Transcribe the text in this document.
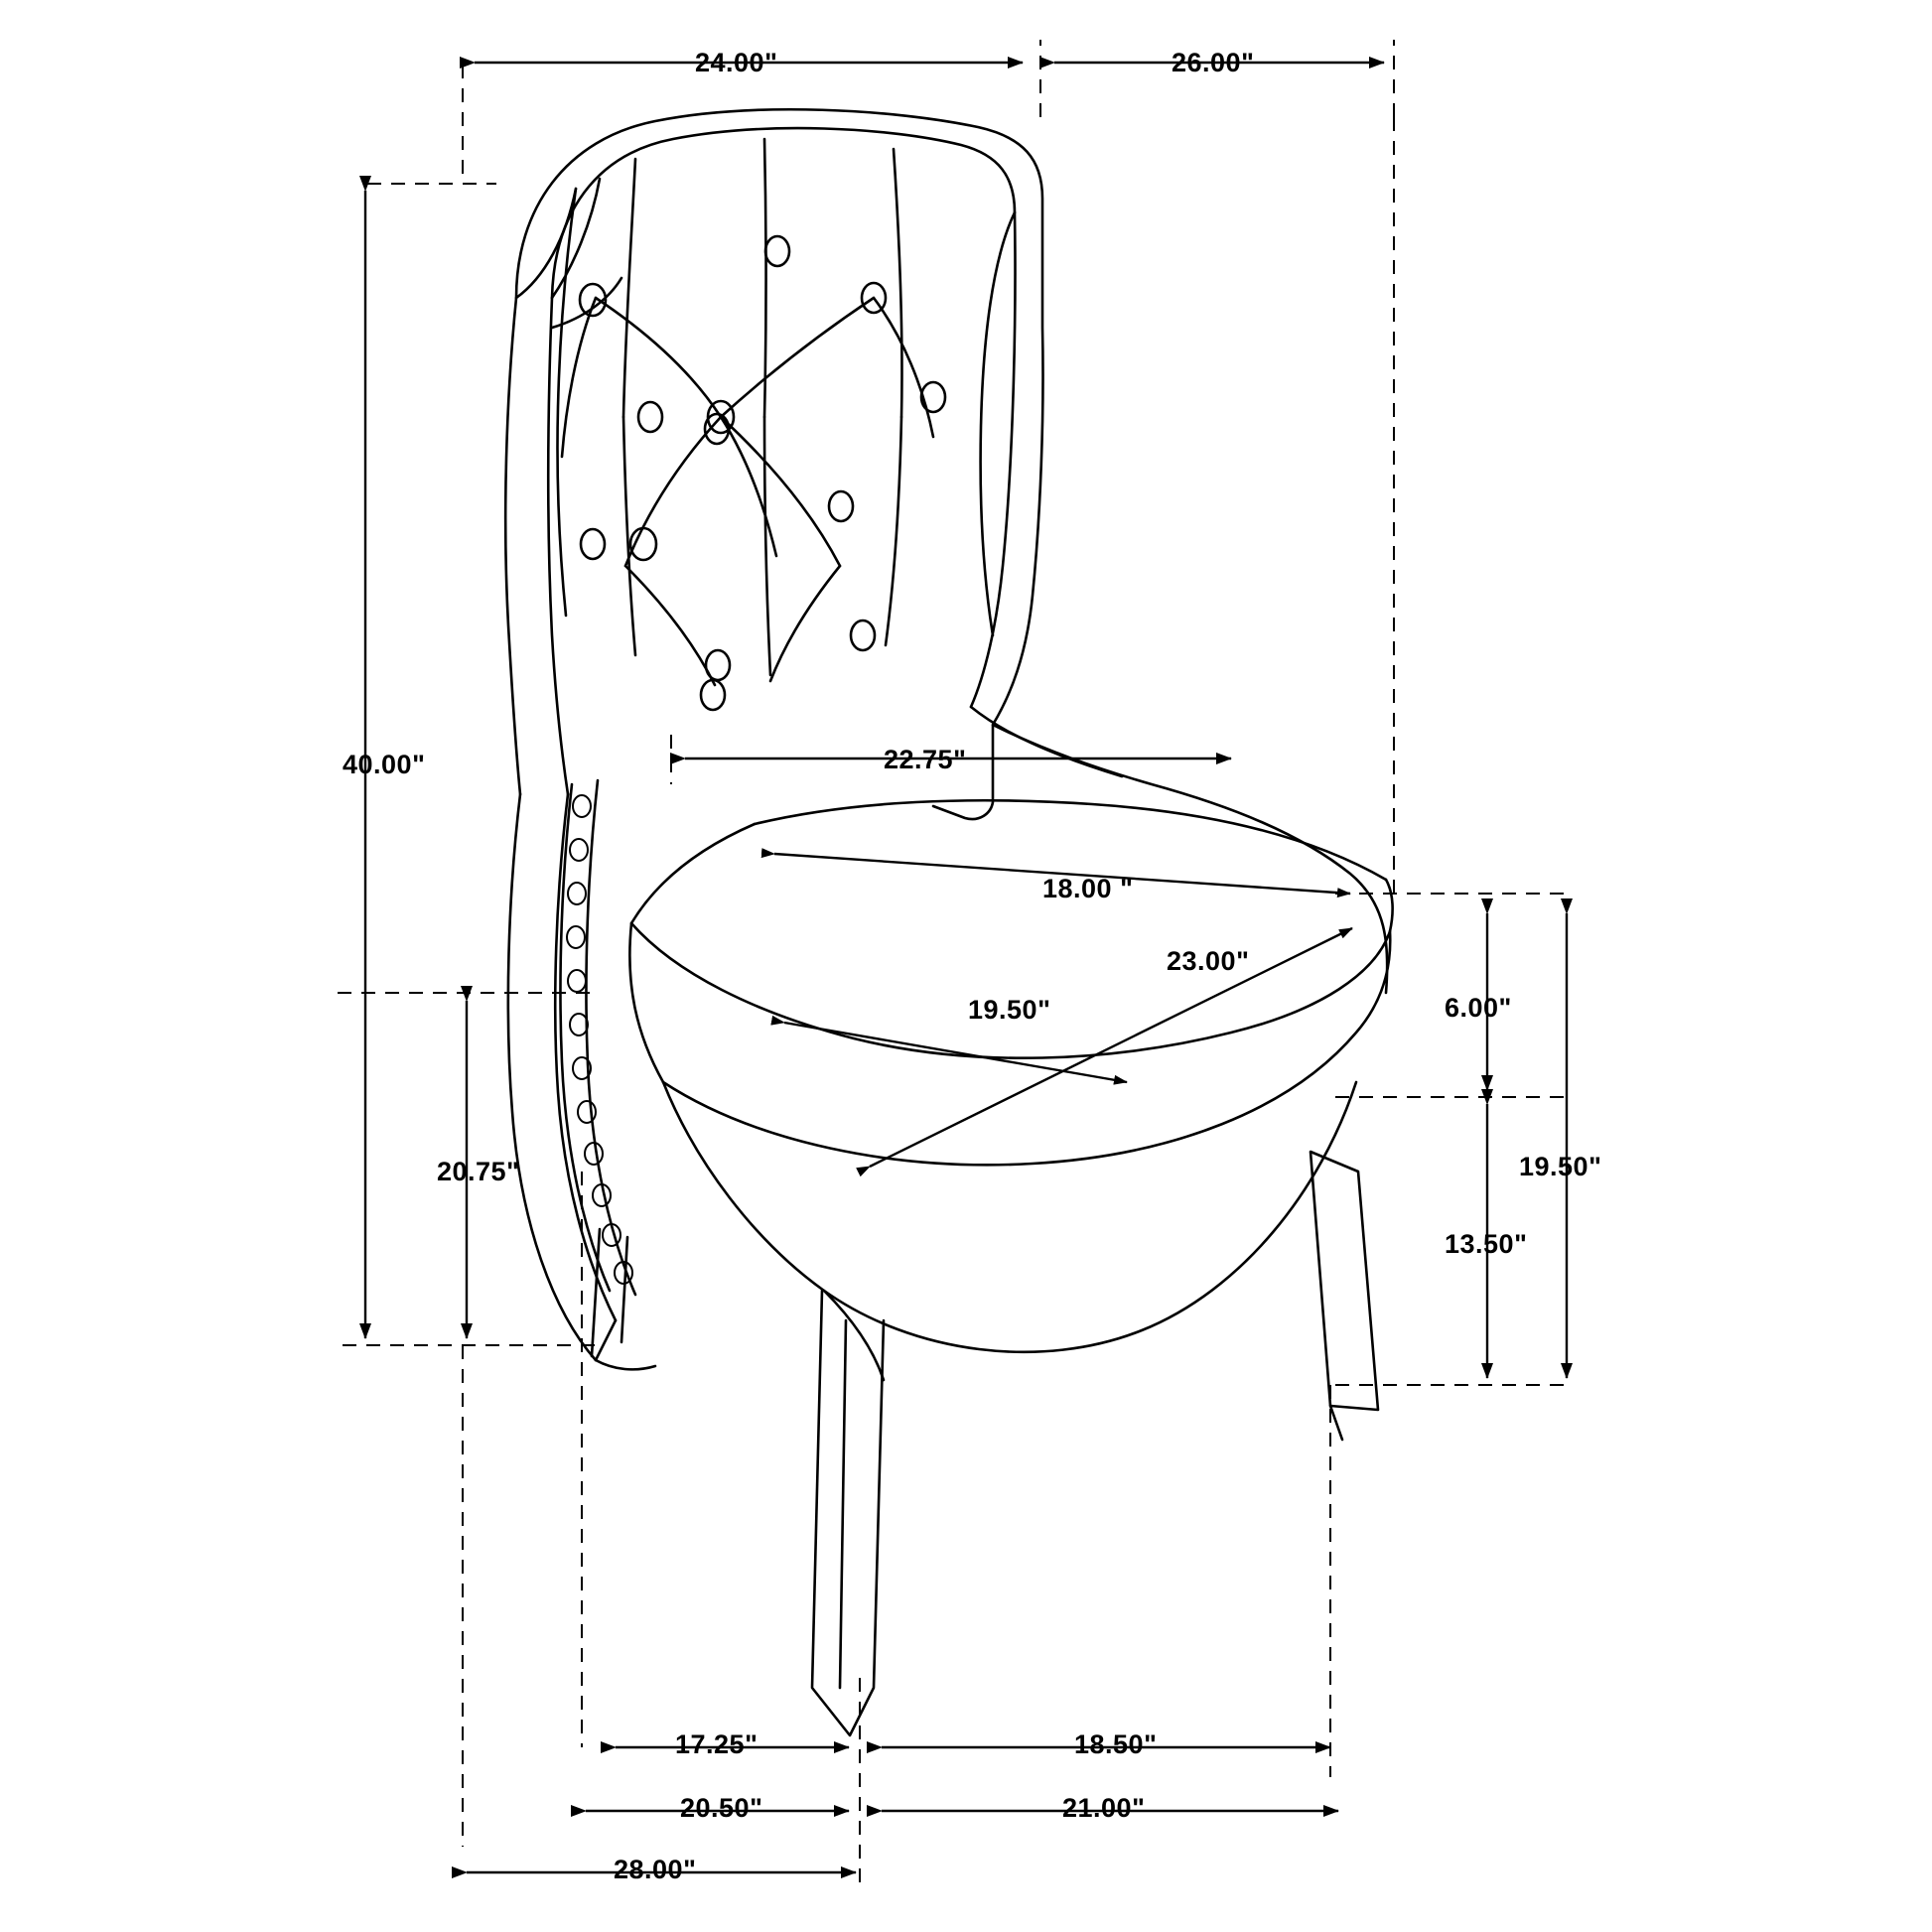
24.00"	26.00"
40.00"	22.75"
18.00 "
23.00"
19.50"
20.75"
6.00"
19.50"
13.50"
17.25"	18.50"
20.50"	21.00"
28.00"
